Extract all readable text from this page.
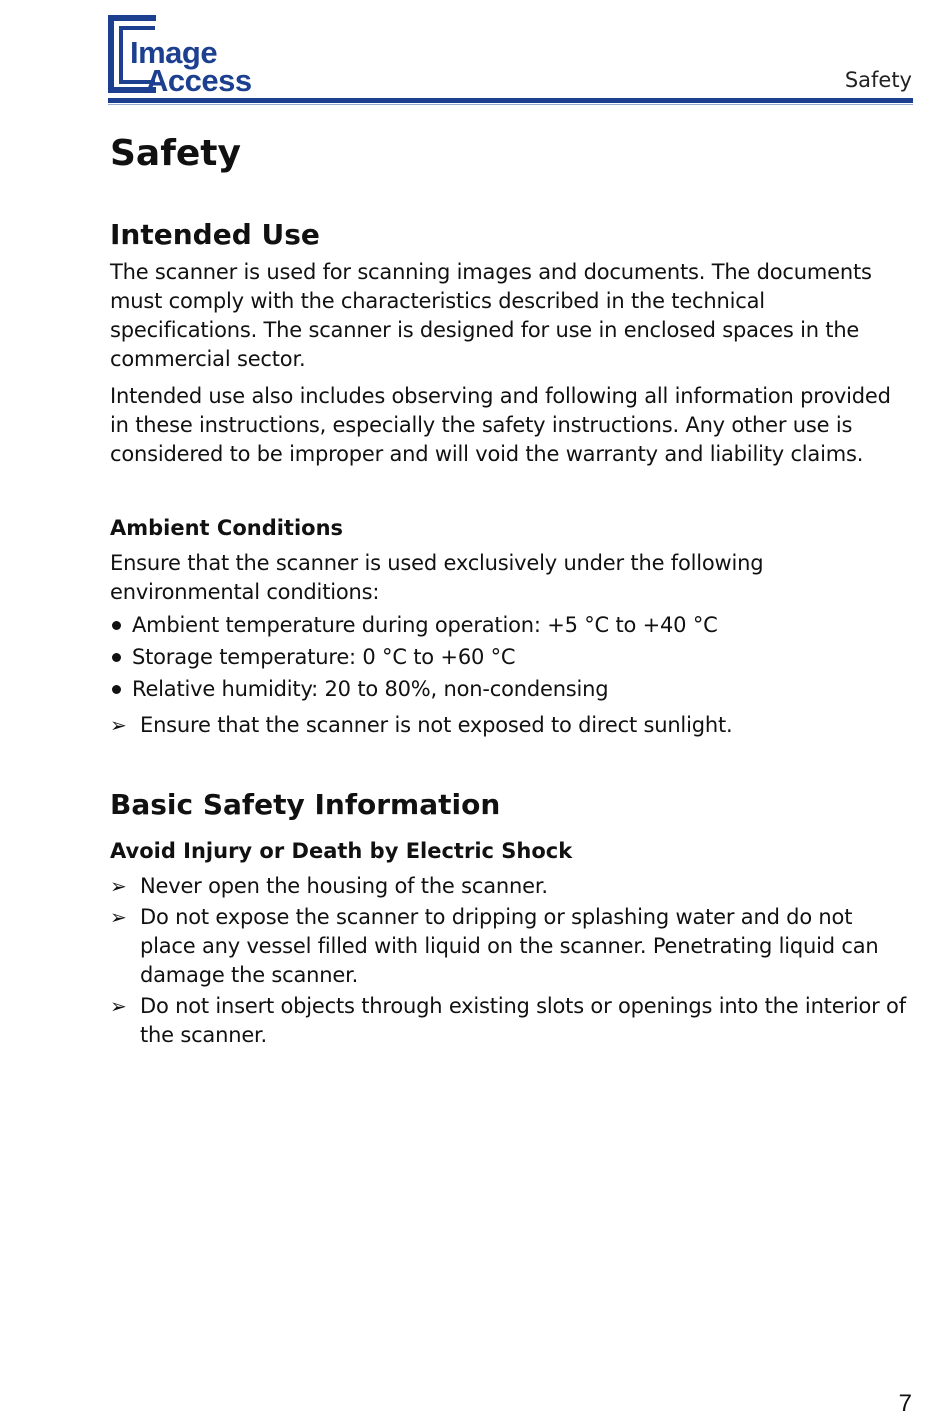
Image
Access	Safety
Safety
Intended Use

The scanner is used for scanning images and documents. The documents must comply with the characteristics described in the technical specifications. The scanner is designed for use in enclosed spaces in the commercial sector.

Intended use also includes observing and following all information provided in these instructions, especially the safety instructions. Any other use is considered to be improper and will void the warranty and liability claims.

Ambient Conditions

Ensure that the scanner is used exclusively under the following environmental conditions:

Ambient temperature during operation: +5 °C to +40 °C
Storage temperature: 0 °C to +60 °C
Relative humidity: 20 to 80%, non-condensing
➢ Ensure that the scanner is not exposed to direct sunlight.
Basic Safety Information
Avoid Injury or Death by Electric Shock
➢ Never open the housing of the scanner.
➢ Do not expose the scanner to dripping or splashing water and do not place any vessel filled with liquid on the scanner. Penetrating liquid can damage the scanner.
➢ Do not insert objects through existing slots or openings into the interior of the scanner.
7
